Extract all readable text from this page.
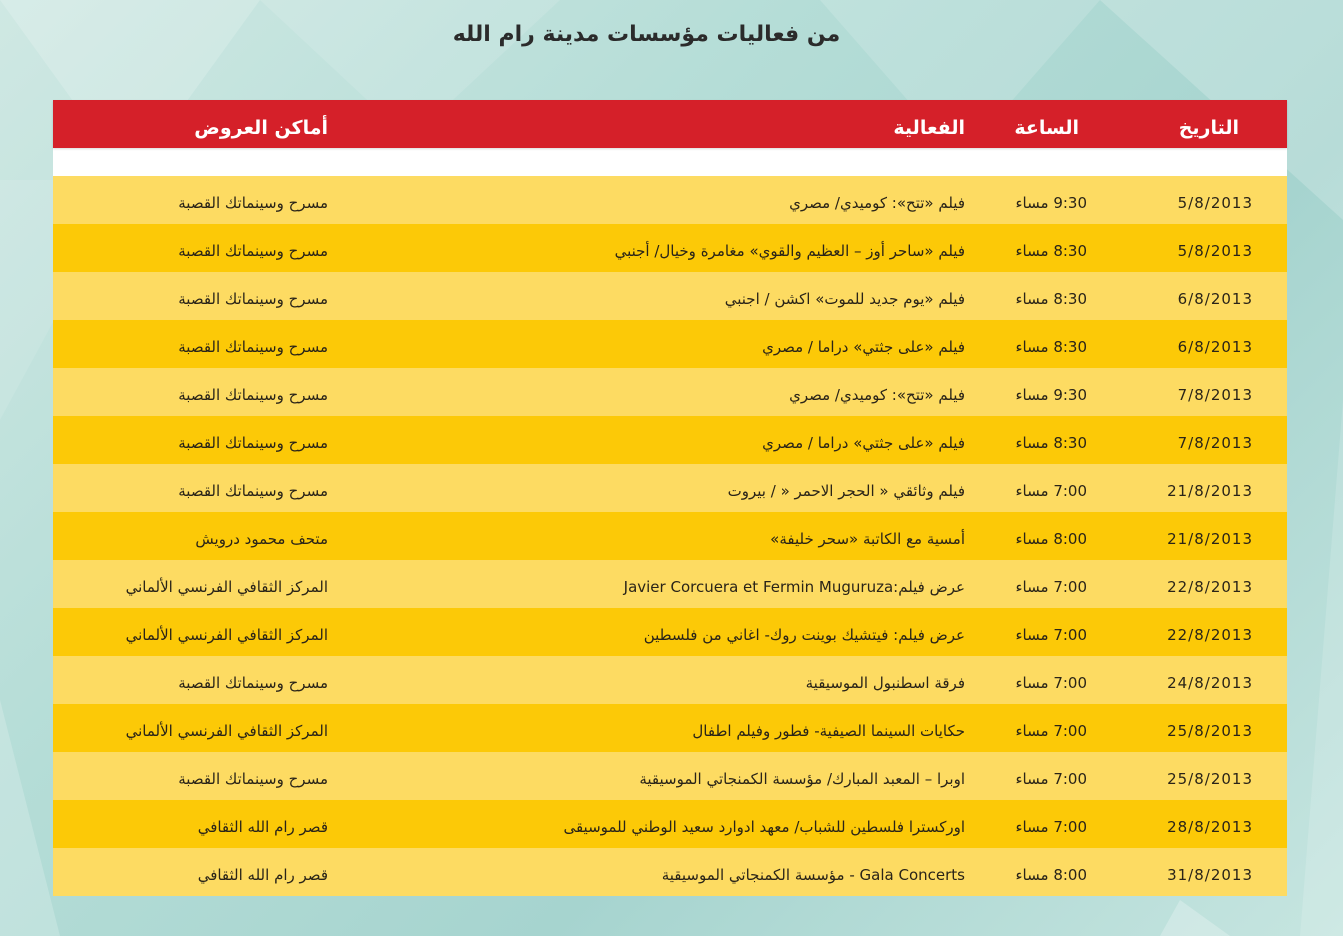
من فعاليات مؤسسات مدينة رام الله
التاريخ
الساعة
الفعالية
أماكن العروض
5/8/2013
9:30 مساء
فيلم «تتح»: كوميدي/ مصري
مسرح وسينماتك القصبة
5/8/2013
8:30 مساء
فيلم «ساحر أوز – العظيم والقوي» مغامرة وخيال/ أجنبي
مسرح وسينماتك القصبة
6/8/2013
8:30 مساء
فيلم «يوم جديد للموت» اكشن / اجنبي
مسرح وسينماتك القصبة
6/8/2013
8:30 مساء
فيلم «على جثتي» دراما / مصري
مسرح وسينماتك القصبة
7/8/2013
9:30 مساء
فيلم «تتح»: كوميدي/ مصري
مسرح وسينماتك القصبة
7/8/2013
8:30 مساء
فيلم «على جثتي» دراما / مصري
مسرح وسينماتك القصبة
21/8/2013
7:00 مساء
فيلم وثائقي « الحجر الاحمر « / بيروت
مسرح وسينماتك القصبة
21/8/2013
8:00 مساء
أمسية مع الكاتبة «سحر خليفة»
متحف محمود درويش
22/8/2013
7:00 مساء
عرض فيلم:Javier Corcuera et Fermin Muguruza
المركز الثقافي الفرنسي الألماني
22/8/2013
7:00 مساء
عرض فيلم: فيتشيك بوينت روك- اغاني من فلسطين
المركز الثقافي الفرنسي الألماني
24/8/2013
7:00 مساء
فرقة اسطنبول الموسيقية
مسرح وسينماتك القصبة
25/8/2013
7:00 مساء
حكايات السينما الصيفية- فطور وفيلم اطفال
المركز الثقافي الفرنسي الألماني
25/8/2013
7:00 مساء
اوبرا – المعبد المبارك/ مؤسسة الكمنجاتي الموسيقية
مسرح وسينماتك القصبة
28/8/2013
7:00 مساء
اوركسترا فلسطين للشباب/ معهد ادوارد سعيد الوطني للموسيقى
قصر رام الله الثقافي
31/8/2013
8:00 مساء
Gala Concerts - مؤسسة الكمنجاتي الموسيقية
قصر رام الله الثقافي
